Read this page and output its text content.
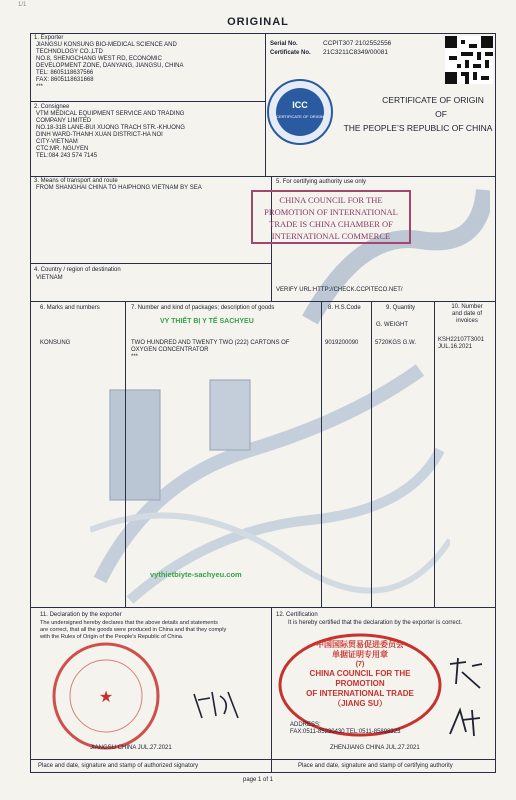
ORIGINAL
1/1
1. Exporter
JIANGSU KONSUNG BIO-MEDICAL SCIENCE AND
TECHNOLOGY CO.,LTD
NO.8, SHENGCHANG WEST RD, ECONOMIC
DEVELOPMENT ZONE, DANYANG, JIANGSU, CHINA
TEL: 8605118637566
FAX: 8605118631668
***
Serial No.	CCPIT307 2102552556
Certificate No. 21C3211C8349/00081
ICC
CERTIFICATE OF ORIGIN
CERTIFICATE OF ORIGIN
OF
THE PEOPLE’S REPUBLIC OF CHINA
2. Consignee
VTM MEDICAL EQUIPMENT SERVICE AND TRADING
COMPANY LIMITED
NO.18-31B LANE-BUI XUONG TRACH STR.-KHUONG
DINH WARD-THANH XUAN DISTRICT-HA NOI
CITY-VIETNAM
CTC:MR. NGUYEN
TEL:084 243 574 7145
3. Means of transport and route
FROM SHANGHAI CHINA TO HAIPHONG VIETNAM BY SEA
5. For certifying authority use only
CHINA COUNCIL FOR THE
PROMOTION OF INTERNATIONAL
TRADE IS CHINA CHAMBER OF
INTERNATIONAL COMMERCE
VERIFY URL:HTTP://CHECK.CCPITECO.NET/
4. Country / region of destination
VIETNAM
6. Marks and numbers	7. Number and kind of packages; description of goods	8. H.S.Code	9. Quantity
G. WEIGHT
10. Number
and date of
invoices
VY THIẾT BỊ Y TẾ SACHYEU
KONSUNG	TWO HUNDRED AND TWENTY TWO (222) CARTONS OF
OXYGEN CONCENTRATOR
***
9019200090	5720KGS G.W.	KSH22107T3001
JUL.16.2021
vythietbiyte-sachyeu.com
11. Declaration by the exporter
The undersigned hereby declares that the above details and statements
are correct, that all the goods were produced in China and that they comply
with the Rules of Origin of the People's Republic of China.
★
JIANGSU CHINA JUL.27.2021
Place and date, signature and stamp of authorized signatory
12. Certification
It is hereby certified that the declaration by the exporter is correct.
中国国际贸易促进委员会
单据证明专用章
(7)
CHINA COUNCIL FOR THE PROMOTION
OF INTERNATIONAL TRADE
（JIANG SU）
ADDRESS:
FAX:0511-85230430 TEL:0511-85898323
ZHENJIANG CHINA JUL.27.2021
Place and date, signature and stamp of certifying authority
page 1 of 1
